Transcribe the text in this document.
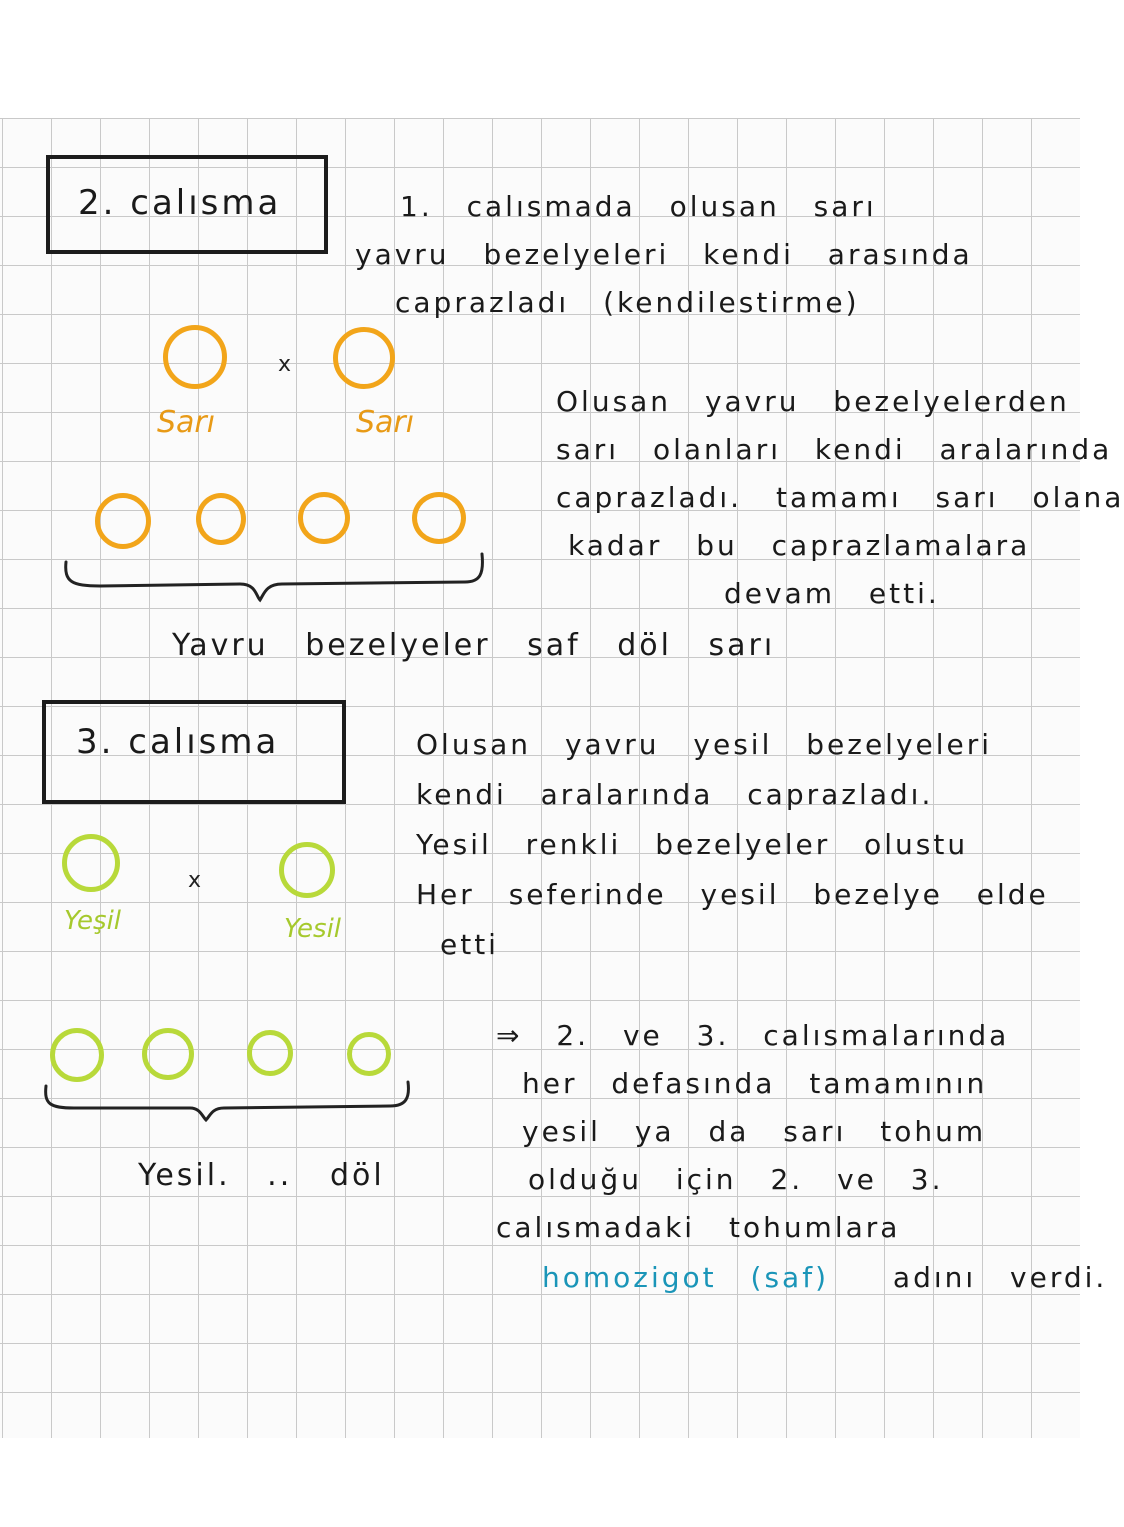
2. calısma	1. calısmada olusan sarı
yavru bezelyeleri kendi arasında
caprazladı (kendilestirme)
x
Sarı	Sarı
Yavru bezelyeler saf döl sarı
Olusan yavru bezelyelerden
sarı olanları kendi aralarında
caprazladı. tamamı sarı olana
kadar bu caprazlamalara
devam etti.
3. calısma	Olusan yavru yesil bezelyeleri
kendi aralarında caprazladı.
Yesil renkli bezelyeler olustu
Her seferinde yesil bezelye elde
etti
x
Yeşil	Yesil
Yesil. .. döl
⇒ 2. ve 3. calısmalarında
her defasında tamamının
yesil ya da sarı tohum
olduğu için 2. ve 3.
calısmadaki tohumlara
homozigot (saf) adını verdi.
